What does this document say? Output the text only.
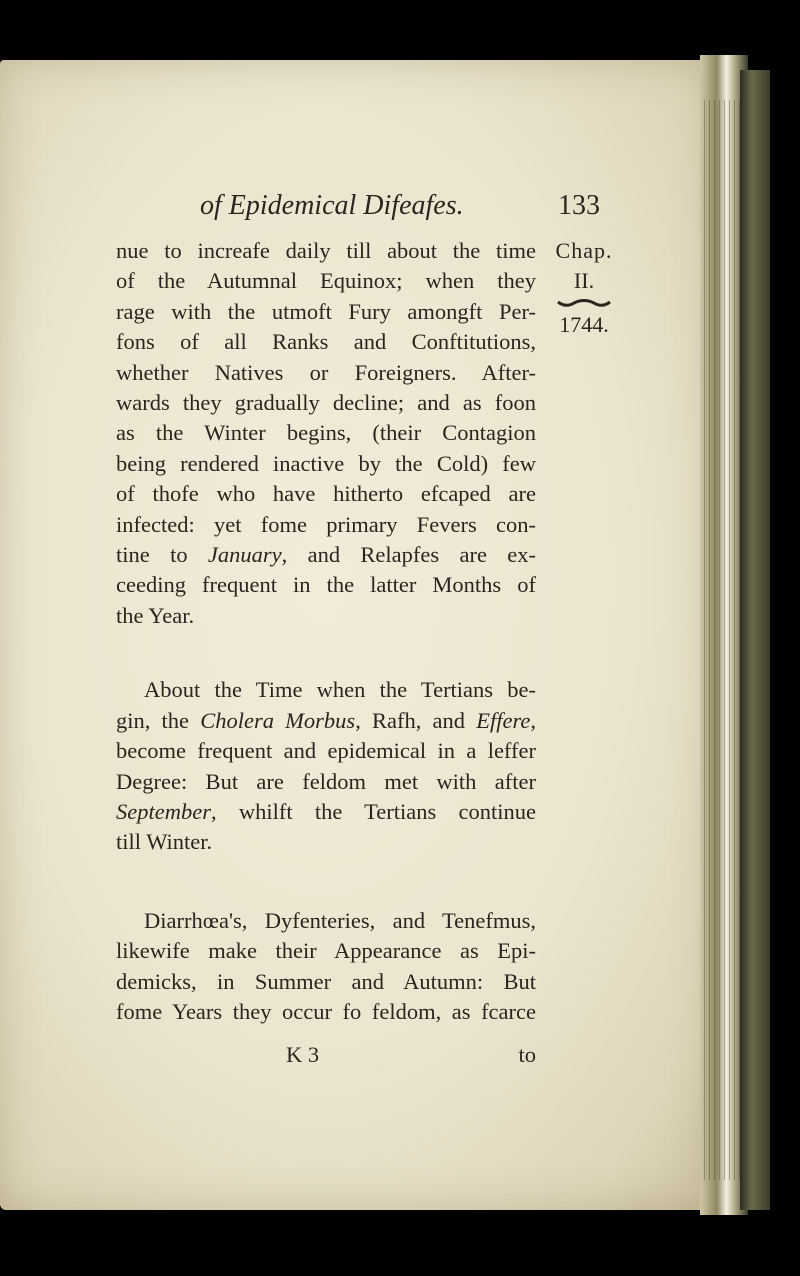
of Epidemical Difeafes.	133
Chap.
II.
1744.
nue to increafe daily till about the time
of the Autumnal Equinox; when they
rage with the utmoft Fury amongft Per-
fons of all Ranks and Conftitutions,
whether Natives or Foreigners. After-
wards they gradually decline; and as foon
as the Winter begins, (their Contagion
being rendered inactive by the Cold) few
of thofe who have hitherto efcaped are
infected: yet fome primary Fevers con-
tine to January, and Relapfes are ex-
ceeding frequent in the latter Months of
the Year.
About the Time when the Tertians be-
gin, the Cholera Morbus, Rafh, and Effere,
become frequent and epidemical in a leffer
Degree: But are feldom met with after
September, whilft the Tertians continue
till Winter.
Diarrhœa's, Dyfenteries, and Tenefmus,
likewife make their Appearance as Epi-
demicks, in Summer and Autumn: But
fome Years they occur fo feldom, as fcarce
K 3	to
